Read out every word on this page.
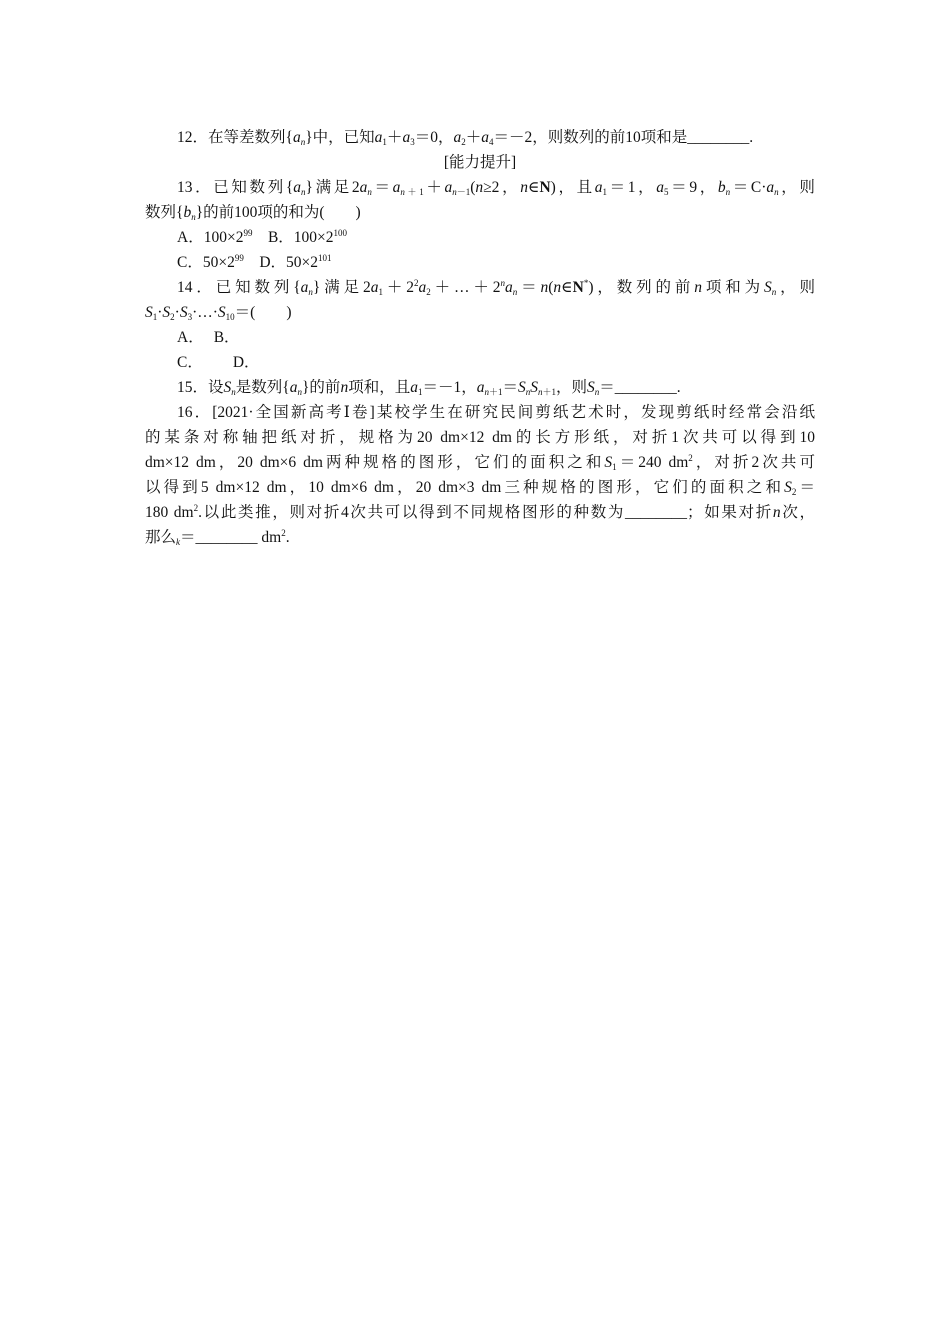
12．在等差数列$\{a_n\}$中，已知$a_1+a_3=0$，$a_2+a_4=-2$，则数列的前10项和是________.
[能力提升]
13．已知数列$\{a_n\}$满足$2a_n=a_{n+1}+a_{n-1}(n\ge 2$，n∈N)，且$a_1=1$，$a_5=9$，$b_n=C\cdot a_n$，则
数列$\{b_n\}$的前100项的和为(　　)
A．$100\times 2^{99}$ B．$100\times 2^{100}$
C．$50\times 2^{99}$ D．$50\times 2^{101}$
14．已知数列$\{a_n\}$满足$2a_1+2^2a_2+\dots+2^na_n=n(n\in N^*)$，数列的前n项和为$S_n$，则
$S_1\cdot S_2\cdot S_3\cdot\dots\cdot S_{10}=$(　　)
A． B．
C． D．
15．设$S_n$是数列$\{a_n\}$的前n项和，且$a_1=-1$，$a_{n+1}=S_nS_{n+1}$，则$S_n=\_\_\_\_\_\_\_\_$.
16．[2021·全国新高考Ⅰ卷]某校学生在研究民间剪纸艺术时，发现剪纸时经常会沿纸
的某条对称轴把纸对折，规格为20 dm×12 dm的长方形纸，对折1次共可以得到10
dm×12 dm，20 dm×6 dm两种规格的图形，它们的面积之和$S_1=240$ $dm^2$，对折2次共可
以得到5 dm×12 dm，10 dm×6 dm，20 dm×3 dm三种规格的图形，它们的面积之和$S_2=$
180 $dm^2$.以此类推，则对折4次共可以得到不同规格图形的种数为________；如果对折n次，
那么$_k$＝________ $dm^2$.
